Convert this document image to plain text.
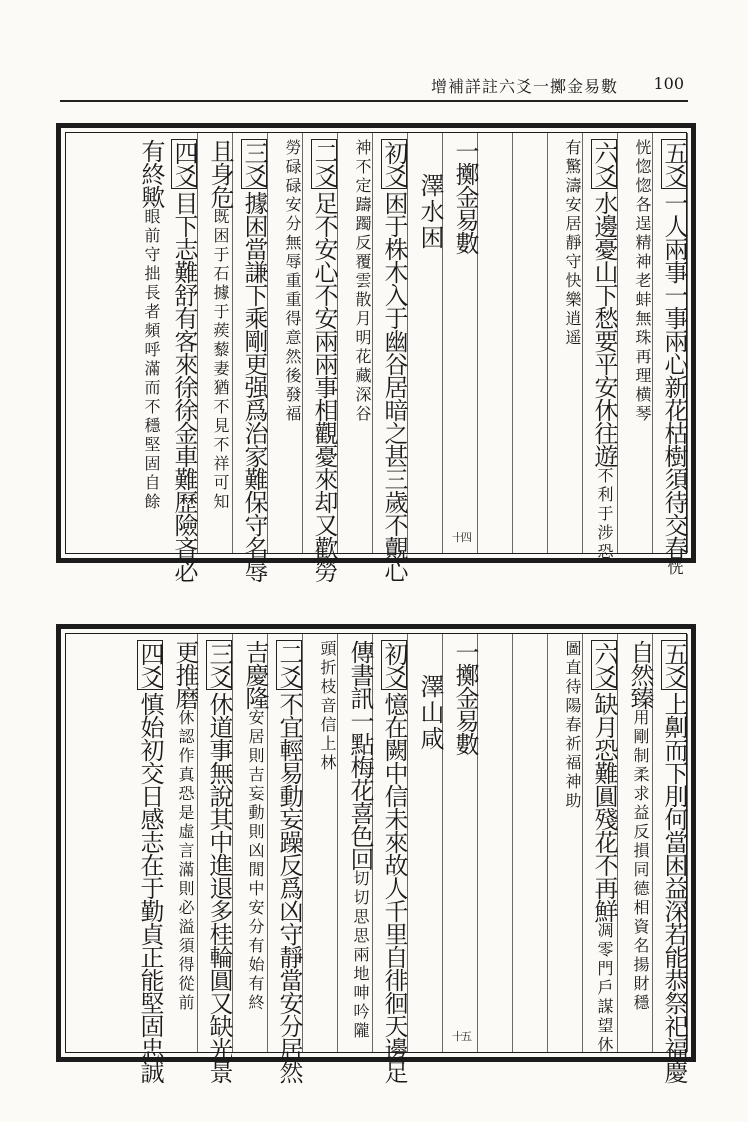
增補詳註六爻一擲金易數 100
五爻一人兩事一事兩心新花枯樹須待交春恍
恍惚惚各逞精神老蚌無珠再理横琴
六爻水邊憂山下愁要平安休往遊不利于涉恐
有驚濤安居靜守快樂逍遥
一擲金易數
澤水困
初爻困于株木入于幽谷居暗之甚三歲不覿心
神不定躊躅反覆雲散月明花藏深谷
二爻足不安心不安兩兩事相觀憂來却又歡勞
勞碌碌安分無辱重重得意然後發福
三爻據困當謙下乘剛更强爲治家難保守名辱
且身危既困于石據于蒺藜妻猶不見不祥可知
四爻目下志難舒有客來徐徐金車難歷險吝必
有終歟眼前守拙長者頻呼滿而不穩堅固自餘
十四
五爻上劓而下刖何當困益深若能恭祭祀福慶
自然臻用剛制柔求益反損同德相資名揚財穩
六爻缺月恐難圓殘花不再鮮凋零門戶謀望休
圖直待陽春祈福神助
一擲金易數
澤山咸
初爻憶在闕中信未來故人千里自徘徊天邊足
傳書訊一點梅花喜色回切切思思兩地呻吟隴
頭折枝音信上林
二爻不宜輕易動妄躁反爲凶守靜當安分居然
吉慶隆安居則吉妄動則凶閒中安分有始有終
三爻休道事無說其中進退多桂輪圓又缺光景
更推磨休認作真恐是虛言滿則必溢須得從前
四爻慎始初交日感志在于勤貞正能堅固忠誠	十五
